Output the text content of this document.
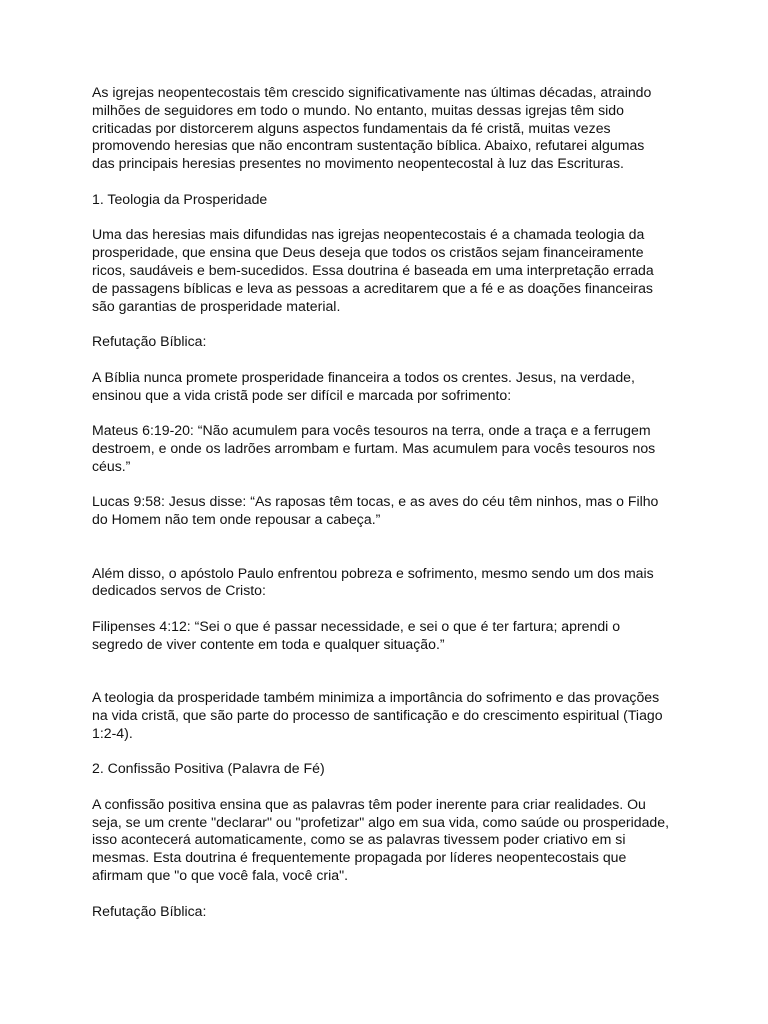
As igrejas neopentecostais têm crescido significativamente nas últimas décadas, atraindo
milhões de seguidores em todo o mundo. No entanto, muitas dessas igrejas têm sido
criticadas por distorcerem alguns aspectos fundamentais da fé cristã, muitas vezes
promovendo heresias que não encontram sustentação bíblica. Abaixo, refutarei algumas
das principais heresias presentes no movimento neopentecostal à luz das Escrituras.

1. Teologia da Prosperidade

Uma das heresias mais difundidas nas igrejas neopentecostais é a chamada teologia da
prosperidade, que ensina que Deus deseja que todos os cristãos sejam financeiramente
ricos, saudáveis e bem-sucedidos. Essa doutrina é baseada em uma interpretação errada
de passagens bíblicas e leva as pessoas a acreditarem que a fé e as doações financeiras
são garantias de prosperidade material.

Refutação Bíblica:

A Bíblia nunca promete prosperidade financeira a todos os crentes. Jesus, na verdade,
ensinou que a vida cristã pode ser difícil e marcada por sofrimento:

Mateus 6:19-20: “Não acumulem para vocês tesouros na terra, onde a traça e a ferrugem
destroem, e onde os ladrões arrombam e furtam. Mas acumulem para vocês tesouros nos
céus.”

Lucas 9:58: Jesus disse: “As raposas têm tocas, e as aves do céu têm ninhos, mas o Filho
do Homem não tem onde repousar a cabeça.”

Além disso, o apóstolo Paulo enfrentou pobreza e sofrimento, mesmo sendo um dos mais
dedicados servos de Cristo:

Filipenses 4:12: “Sei o que é passar necessidade, e sei o que é ter fartura; aprendi o
segredo de viver contente em toda e qualquer situação.”

A teologia da prosperidade também minimiza a importância do sofrimento e das provações
na vida cristã, que são parte do processo de santificação e do crescimento espiritual (Tiago
1:2-4).

2. Confissão Positiva (Palavra de Fé)

A confissão positiva ensina que as palavras têm poder inerente para criar realidades. Ou
seja, se um crente "declarar" ou "profetizar" algo em sua vida, como saúde ou prosperidade,
isso acontecerá automaticamente, como se as palavras tivessem poder criativo em si
mesmas. Esta doutrina é frequentemente propagada por líderes neopentecostais que
afirmam que "o que você fala, você cria".

Refutação Bíblica:
